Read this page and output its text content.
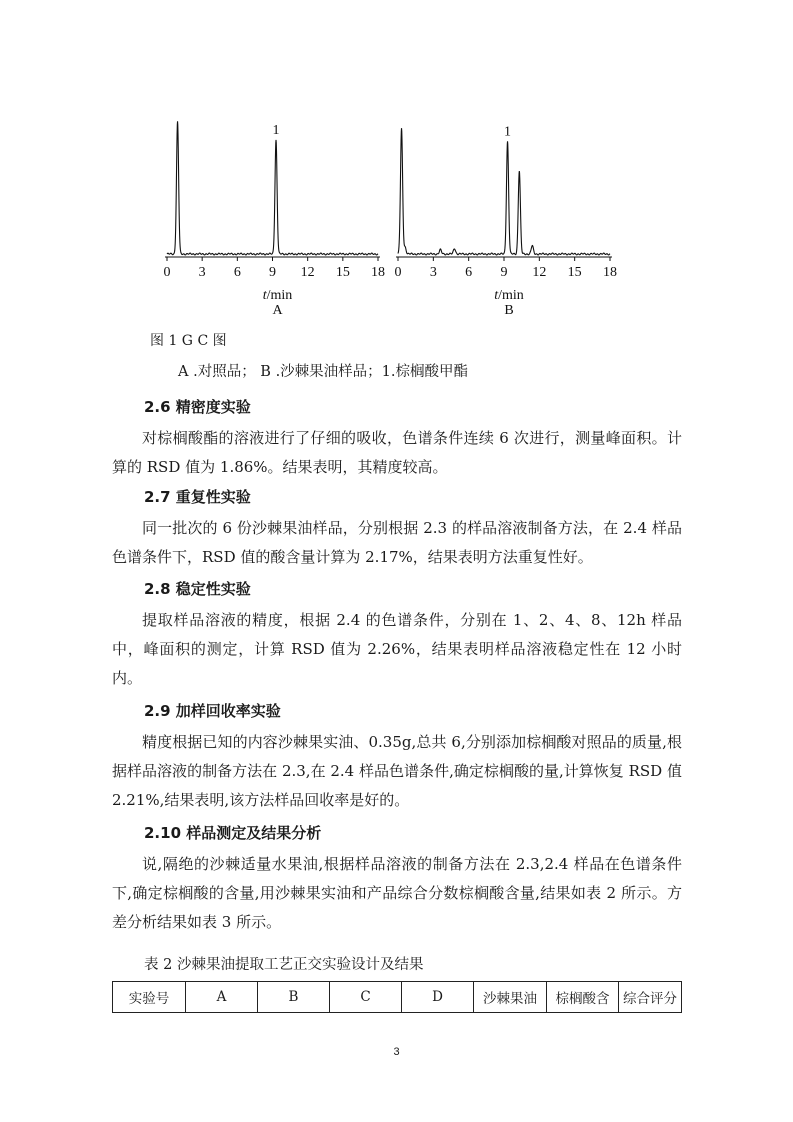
0 3 6 9 12 15 18
1
t/min
A
0 3 6 9 12 15 18
1
t/min
B

图 1 G C 图

A .对照品； B .沙棘果油样品；1.棕榈酸甲酯

2.6 精密度实验

对棕榈酸酯的溶液进行了仔细的吸收，色谱条件连续 6 次进行，测量峰面积。计算的 RSD 值为 1.86%。结果表明，其精度较高。

2.7 重复性实验

同一批次的 6 份沙棘果油样品，分别根据 2.3 的样品溶液制备方法，在 2.4 样品色谱条件下，RSD 值的酸含量计算为 2.17%，结果表明方法重复性好。

2.8 稳定性实验

提取样品溶液的精度，根据 2.4 的色谱条件，分别在 1、2、4、8、12h 样品中，峰面积的测定，计算 RSD 值为 2.26%，结果表明样品溶液稳定性在 12 小时内。

2.9 加样回收率实验

精度根据已知的内容沙棘果实油、0.35g,总共 6,分别添加棕榈酸对照品的质量,根据样品溶液的制备方法在 2.3,在 2.4 样品色谱条件,确定棕榈酸的量,计算恢复 RSD 值 2.21%,结果表明,该方法样品回收率是好的。

2.10 样品测定及结果分析

说,隔绝的沙棘适量水果油,根据样品溶液的制备方法在 2.3,2.4 样品在色谱条件下,确定棕榈酸的含量,用沙棘果实油和产品综合分数棕榈酸含量,结果如表 2 所示。方差分析结果如表 3 所示。

表 2 沙棘果油提取工艺正交实验设计及结果

实验号	A	B	C	D	沙棘果油	棕榈酸含	综合评分
3
